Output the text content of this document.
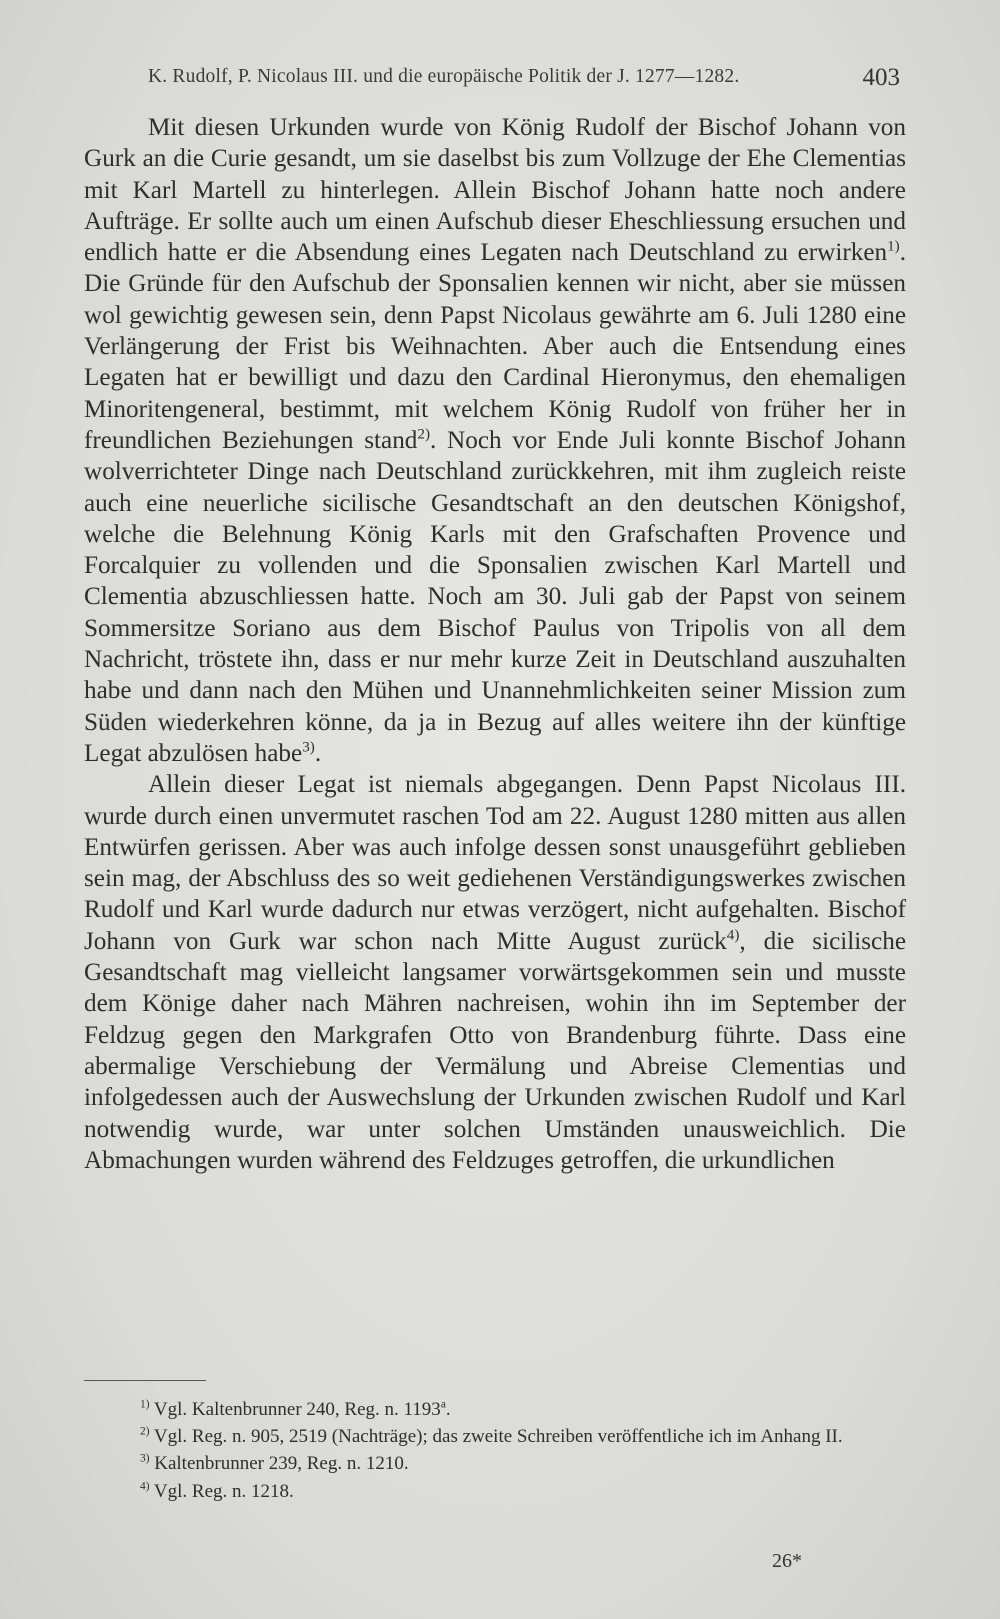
K. Rudolf, P. Nicolaus III. und die europäische Politik der J. 1277—1282.	403

Mit diesen Urkunden wurde von König Rudolf der Bischof Johann von Gurk an die Curie gesandt, um sie daselbst bis zum Vollzuge der Ehe Clementias mit Karl Martell zu hinterlegen. Allein Bischof Johann hatte noch andere Aufträge. Er sollte auch um einen Aufschub dieser Eheschliessung ersuchen und endlich hatte er die Absendung eines Legaten nach Deutschland zu erwirken$^{1)}$. Die Gründe für den Aufschub der Sponsalien kennen wir nicht, aber sie müssen wol gewichtig gewesen sein, denn Papst Nicolaus gewährte am 6. Juli 1280 eine Verlängerung der Frist bis Weihnachten. Aber auch die Entsendung eines Legaten hat er bewilligt und dazu den Cardinal Hieronymus, den ehemaligen Minoritengeneral, bestimmt, mit welchem König Rudolf von früher her in freundlichen Beziehungen stand$^{2)}$. Noch vor Ende Juli konnte Bischof Johann wolverrichteter Dinge nach Deutschland zurückkehren, mit ihm zugleich reiste auch eine neuerliche sicilische Gesandtschaft an den deutschen Königshof, welche die Belehnung König Karls mit den Grafschaften Provence und Forcalquier zu vollenden und die Sponsalien zwischen Karl Martell und Clementia abzuschliessen hatte. Noch am 30. Juli gab der Papst von seinem Sommersitze Soriano aus dem Bischof Paulus von Tripolis von all dem Nachricht, tröstete ihn, dass er nur mehr kurze Zeit in Deutschland auszuhalten habe und dann nach den Mühen und Unannehmlichkeiten seiner Mission zum Süden wiederkehren könne, da ja in Bezug auf alles weitere ihn der künftige Legat abzulösen habe$^{3)}$.

Allein dieser Legat ist niemals abgegangen. Denn Papst Nicolaus III. wurde durch einen unvermutet raschen Tod am 22. August 1280 mitten aus allen Entwürfen gerissen. Aber was auch infolge dessen sonst unausgeführt geblieben sein mag, der Abschluss des so weit gediehenen Verständigungswerkes zwischen Rudolf und Karl wurde dadurch nur etwas verzögert, nicht aufgehalten. Bischof Johann von Gurk war schon nach Mitte August zurück$^{4)}$, die sicilische Gesandtschaft mag vielleicht langsamer vorwärtsgekommen sein und musste dem Könige daher nach Mähren nachreisen, wohin ihn im September der Feldzug gegen den Markgrafen Otto von Brandenburg führte. Dass eine abermalige Verschiebung der Vermälung und Abreise Clementias und infolgedessen auch der Auswechslung der Urkunden zwischen Rudolf und Karl notwendig wurde, war unter solchen Umständen unausweichlich. Die Abmachungen wurden während des Feldzuges getroffen, die urkundlichen

$^{1)}$ Vgl. Kaltenbrunner 240, Reg. n. 1193$^a$.

$^{2)}$ Vgl. Reg. n. 905, 2519 (Nachträge); das zweite Schreiben veröffentliche ich im Anhang II.

$^{3)}$ Kaltenbrunner 239, Reg. n. 1210.

$^{4)}$ Vgl. Reg. n. 1218.

26*
